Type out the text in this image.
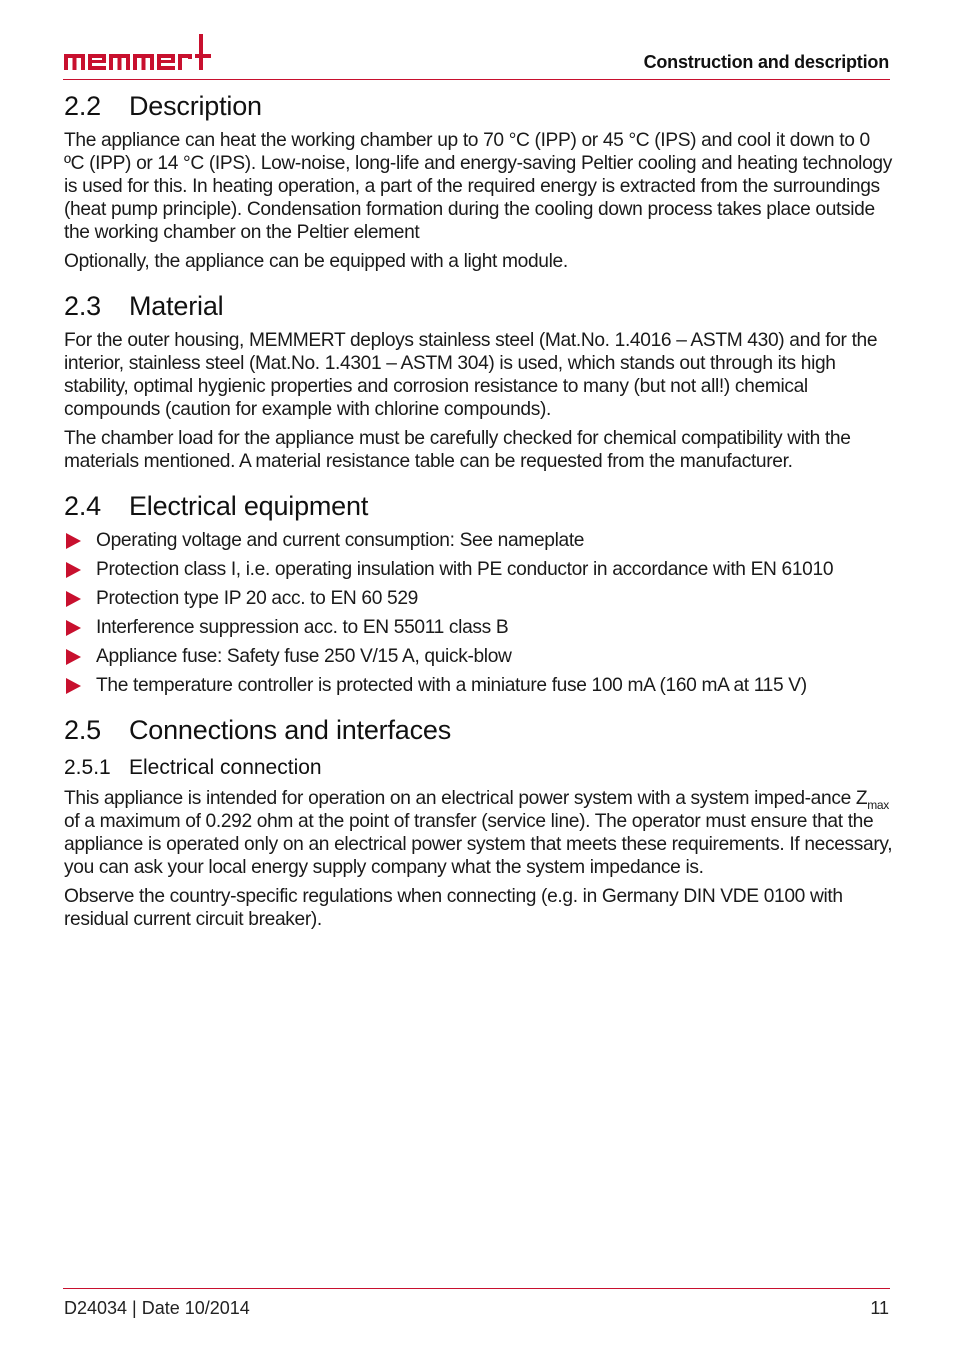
Construction and description
2.2 Description

The appliance can heat the working chamber up to 70 °C (IPP) or 45 °C (IPS) and cool it down to 0 ºC (IPP) or 14 °C (IPS). Low-noise, long-life and energy-saving Peltier cooling and heating technology is used for this. In heating operation, a part of the required energy is extracted from the surroundings (heat pump principle). Condensation formation during the cooling down process takes place outside the working chamber on the Peltier element

Optionally, the appliance can be equipped with a light module.

2.3 Material

For the outer housing, MEMMERT deploys stainless steel (Mat.No. 1.4016 – ASTM 430) and for the interior, stainless steel (Mat.No. 1.4301 – ASTM 304) is used, which stands out through its high stability, optimal hygienic properties and corrosion resistance to many (but not all!) chemical compounds (caution for example with chlorine compounds).

The chamber load for the appliance must be carefully checked for chemical compatibility with the materials mentioned. A material resistance table can be requested from the manufacturer.

2.4 Electrical equipment
Operating voltage and current consumption: See nameplate
Protection class I, i.e. operating insulation with PE conductor in accordance with EN 61010
Protection type IP 20 acc. to EN 60 529
Interference suppression acc. to EN 55011 class B
Appliance fuse: Safety fuse 250 V/15 A, quick-blow
The temperature controller is protected with a miniature fuse 100 mA (160 mA at 115 V)
2.5 Connections and interfaces
2.5.1 Electrical connection

This appliance is intended for operation on an electrical power system with a system imped-ance $Z_{max}$ of a maximum of 0.292 ohm at the point of transfer (service line). The operator must ensure that the appliance is operated only on an electrical power system that meets these requirements. If necessary, you can ask your local energy supply company what the system impedance is.

Observe the country-specific regulations when connecting (e.g. in Germany DIN VDE 0100 with residual current circuit breaker).

D24034 | Date 10/2014	11
